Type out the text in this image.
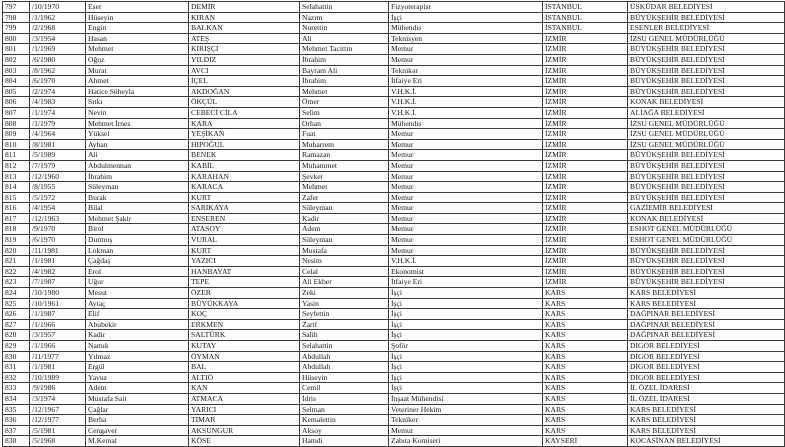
797	/10/1970	Eser	DEMİR	Selahattin	Fizyoterapist	İSTANBUL	ÜSKÜDAR BELEDİYESİ
798	/1/1962	Hüseyin	KIRAN	Nazım	İşçi	İSTANBUL	BÜYÜKŞEHİR BELEDİYESİ
799	/2/1968	Engin	BALKAN	Nurettin	Mühendis	İSTANBUL	ESENLER BELEDİYESİ
800	/3/1954	Hasan	ATEŞ	Ali	Teknisyen	İZMİR	İZSU GENEL MÜDÜRLÜĞÜ
801	/1/1969	Mehmet	KIRIŞÇI	Mehmet Tacittin	Memur	İZMİR	BÜYÜKŞEHİR BELEDİYESİ
802	/6/1980	Oğuz	YILDIZ	İbrahim	Memur	İZMİR	BÜYÜKŞEHİR BELEDİYESİ
803	/8/1962	Murat	AVCI	Bayram Ali	Teknikər	İZMİR	BÜYÜKŞEHİR BELEDİYESİ
804	/6/1970	Ahmet	İÇEL	İbrahim	İtfaiye Eri	İZMİR	BÜYÜKŞEHİR BELEDİYESİ
805	/2/1974	Hatice Süheyla	AKDOĞAN	Mehmet	V.H.K.İ.	İZMİR	BÜYÜKŞEHİR BELEDİYESİ
806	/4/1983	Sıtkı	ÖKÇÜL	Ömer	V.H.K.İ.	İZMİR	KONAK BELEDİYESİ
807	/1/1974	Nevin	CEBECİ CİLA	Selim	V.H.K.İ.	İZMİR	ALİAĞA BELEDİYESİ
808	/1/1979	Mehmet İrnes	KARA	Orhan	Mühendis	İZMİR	İZSU GENEL MÜDÜRLÜĞÜ
809	/4/1964	Yüksel	YEŞİKAN	Fuat	Memur	İZMİR	İZSU GENEL MÜDÜRLÜĞÜ
810	/8/1981	Ayhan	HIPOĞUL	Muharrem	Memur	İZMİR	İZSU GENEL MÜDÜRLÜĞÜ
811	/5/1989	Ali	BENEK	Ramazan	Memur	İZMİR	BÜYÜKŞEHİR BELEDİYESİ
812	/7/1979	Abdulmennan	KABİL	Muhammet	Memur	İZMİR	BÜYÜKŞEHİR BELEDİYESİ
813	/12/1960	İbrahim	KARAHAN	Şevket	Memur	İZMİR	BÜYÜKŞEHİR BELEDİYESİ
814	/8/1955	Süleyman	KARACA	Mehmet	Memur	İZMİR	BÜYÜKŞEHİR BELEDİYESİ
815	/5/1972	Burak	KURT	Zafer	Memur	İZMİR	BÜYÜKŞEHİR BELEDİYESİ
816	/4/1954	Bilal	SARIKAYA	Süleyman	Memur	İZMİR	GAZİEMİR BELEDİYESİ
817	/12/1963	Mehmet Şakir	ENSEREN	Kadir	Memur	İZMİR	KONAK BELEDİYESİ
818	/9/1970	Birol	ATASOY	Adem	Memur	İZMİR	ESHOT GENEL MÜDÜRLÜĞÜ
819	/6/1970	Durmuş	VURAL	Süleyman	Memur	İZMİR	ESHOT GENEL MÜDÜRLÜĞÜ
820	/11/1981	Lokman	KURT	Mustafa	Memur	İZMİR	BÜYÜKŞEHİR BELEDİYESİ
821	/1/1981	Çağdaş	YAZICI	Nesim	V.H.K.İ.	İZMİR	BÜYÜKŞEHİR BELEDİYESİ
822	/4/1982	Erol	HANBAYAT	Celal	Ekonomist	İZMİR	BÜYÜKŞEHİR BELEDİYESİ
823	/7/1987	Uğur	TEPE	Ali Ekber	İtfaiye Eri	İZMİR	BÜYÜKŞEHİR BELEDİYESİ
824	/10/1980	Mesut	ÖZER	Zeki	İşçi	KARS	KARS BELEDİYESİ
825	/10/1961	Aytaç	BÜYÜKKAYA	Yasin	İşçi	KARS	KARS BELEDİYESİ
826	/1/1987	Elif	KOÇ	Seyfettin	İşçi	KARS	DAĞPINAR BELEDİYESİ
827	/1/1966	Abubekir	ERKMEN	Zarif	İşçi	KARS	DAĞPINAR BELEDİYESİ
828	/3/1957	Kadir	SALTÜRK	Salih	İşçi	KARS	DAĞPINAR BELEDİYESİ
829	/1/1966	Namık	KUTAY	Selahattin	Şoför	KARS	DİGOR BELEDİYESİ
830	/11/1977	Yılmaz	ÖYMAN	Abdullah	İşçi	KARS	DİGOR BELEDİYESİ
831	/1/1981	Ergül	BAL	Abdullah	İşçi	KARS	DİGOR BELEDİYESİ
832	/10/1989	Yavuz	ALTIÖ	Hüseyin	İşçi	KARS	DİGOR BELEDİYESİ
833	/9/1986	Adem	KAN	Cemil	İşçi	KARS	İL ÖZEL İDARESİ
834	/3/1974	Mustafa Sait	ATMACA	İdris	İnşaat Mühendisi	KARS	İL ÖZEL İDARESİ
835	/12/1967	Çağlar	YARICI	Selman	Veteriner Hekim	KARS	KARS BELEDİYESİ
836	/12/1977	Berha	TIMAR	Kemalettin	Tekniker	KARS	KARS BELEDİYESİ
837	/5/1981	Cengaver	AKSUNGUR	Aksoy	Memur	KARS	KARS BELEDİYESİ
838	/5/1968	M.Kemal	KÖSE	Hamdi	Zabıta Komiseri	KAYSERİ	KOCASİNAN BELEDİYESİ
